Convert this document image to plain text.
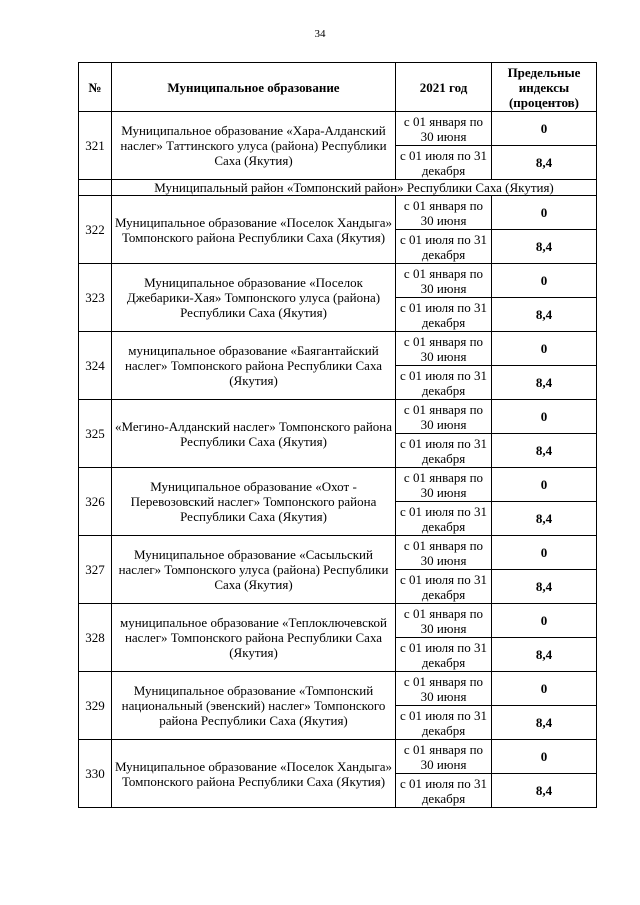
34
№	Муниципальное образование	2021 год	Предельные индексы (процентов)
321	Муниципальное образование «Хара-Алданский наслег» Таттинского улуса (района) Республики Саха (Якутия)	с 01 января по 30 июня	0
		с 01 июля по 31 декабря	8,4
	Муниципальный район «Томпонский район» Республики Саха (Якутия)		
322	Муниципальное образование «Поселок Хандыга» Томпонского района Республики Саха (Якутия)	с 01 января по 30 июня	0
		с 01 июля по 31 декабря	8,4
323	Муниципальное образование «Поселок Джебарики-Хая» Томпонского улуса (района) Республики Саха (Якутия)	с 01 января по 30 июня	0
		с 01 июля по 31 декабря	8,4
324	муниципальное образование «Баягантайский наслег» Томпонского района Республики Саха (Якутия)	с 01 января по 30 июня	0
		с 01 июля по 31 декабря	8,4
325	«Мегино-Алданский наслег» Томпонского района Республики Саха (Якутия)	с 01 января по 30 июня	0
		с 01 июля по 31 декабря	8,4
326	Муниципальное образование «Охот - Перевозовский наслег» Томпонского района Республики Саха (Якутия)	с 01 января по 30 июня	0
		с 01 июля по 31 декабря	8,4
327	Муниципальное образование «Сасыльский наслег» Томпонского улуса (района) Республики Саха (Якутия)	с 01 января по 30 июня	0
		с 01 июля по 31 декабря	8,4
328	муниципальное образование «Теплоключевской наслег» Томпонского района Республики Саха (Якутия)	с 01 января по 30 июня	0
		с 01 июля по 31 декабря	8,4
329	Муниципальное образование «Томпонский национальный (эвенский) наслег» Томпонского района Республики Саха (Якутия)	с 01 января по 30 июня	0
		с 01 июля по 31 декабря	8,4
330	Муниципальное образование «Поселок Хандыга» Томпонского района Республики Саха (Якутия)	с 01 января по 30 июня	0
		с 01 июля по 31 декабря	8,4
